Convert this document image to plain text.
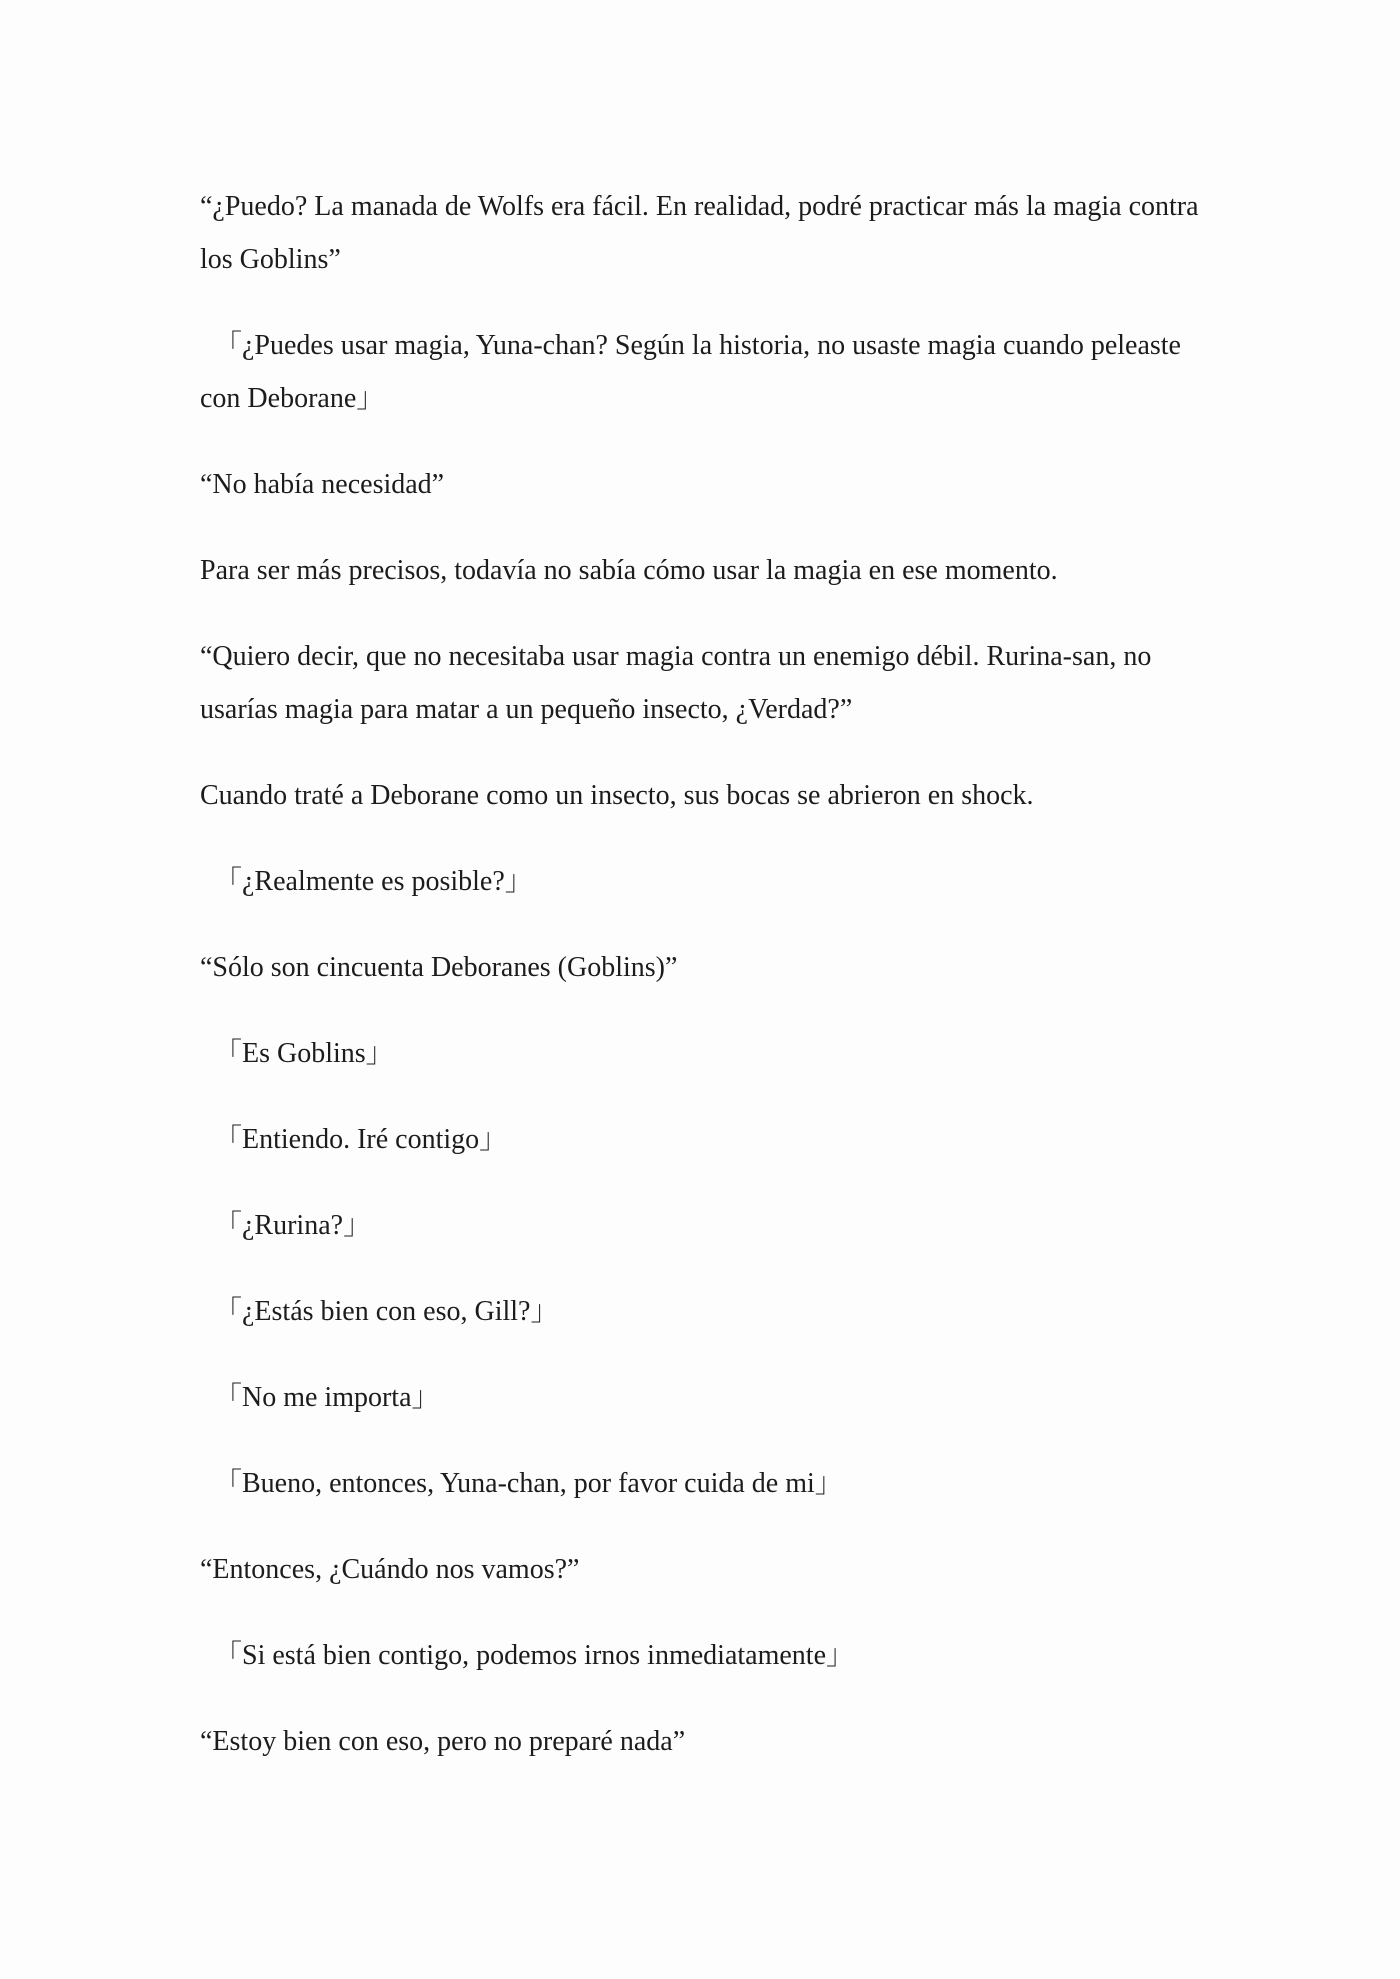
“¿Puedo? La manada de Wolfs era fácil. En realidad, podré practicar más la magia contra los Goblins”

「¿Puedes usar magia, Yuna-chan? Según la historia, no usaste magia cuando peleaste con Deborane」

“No había necesidad”

Para ser más precisos, todavía no sabía cómo usar la magia en ese momento.

“Quiero decir, que no necesitaba usar magia contra un enemigo débil. Rurina-san, no usarías magia para matar a un pequeño insecto, ¿Verdad?”

Cuando traté a Deborane como un insecto, sus bocas se abrieron en shock.

「¿Realmente es posible?」

“Sólo son cincuenta Deboranes (Goblins)”

「Es Goblins」

「Entiendo. Iré contigo」

「¿Rurina?」

「¿Estás bien con eso, Gill?」

「No me importa」

「Bueno, entonces, Yuna-chan, por favor cuida de mi」

“Entonces, ¿Cuándo nos vamos?”

「Si está bien contigo, podemos irnos inmediatamente」

“Estoy bien con eso, pero no preparé nada”
